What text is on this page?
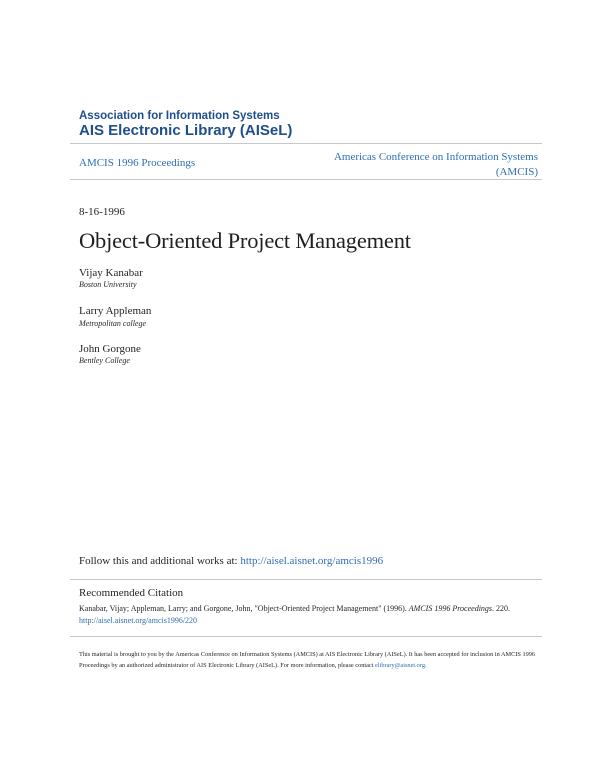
Association for Information Systems
AIS Electronic Library (AISeL)
AMCIS 1996 Proceedings	Americas Conference on Information Systems
(AMCIS)
8-16-1996
Object-Oriented Project Management
Vijay Kanabar
Boston University
Larry Appleman
Metropolitan college
John Gorgone
Bentley College
Follow this and additional works at: http://aisel.aisnet.org/amcis1996
Recommended Citation
Kanabar, Vijay; Appleman, Larry; and Gorgone, John, "Object-Oriented Project Management" (1996). AMCIS 1996 Proceedings. 220.
http://aisel.aisnet.org/amcis1996/220
This material is brought to you by the Americas Conference on Information Systems (AMCIS) at AIS Electronic Library (AISeL). It has been accepted for inclusion in AMCIS 1996 Proceedings by an authorized administrator of AIS Electronic Library (AISeL). For more information, please contact elibrary@aisnet.org.
